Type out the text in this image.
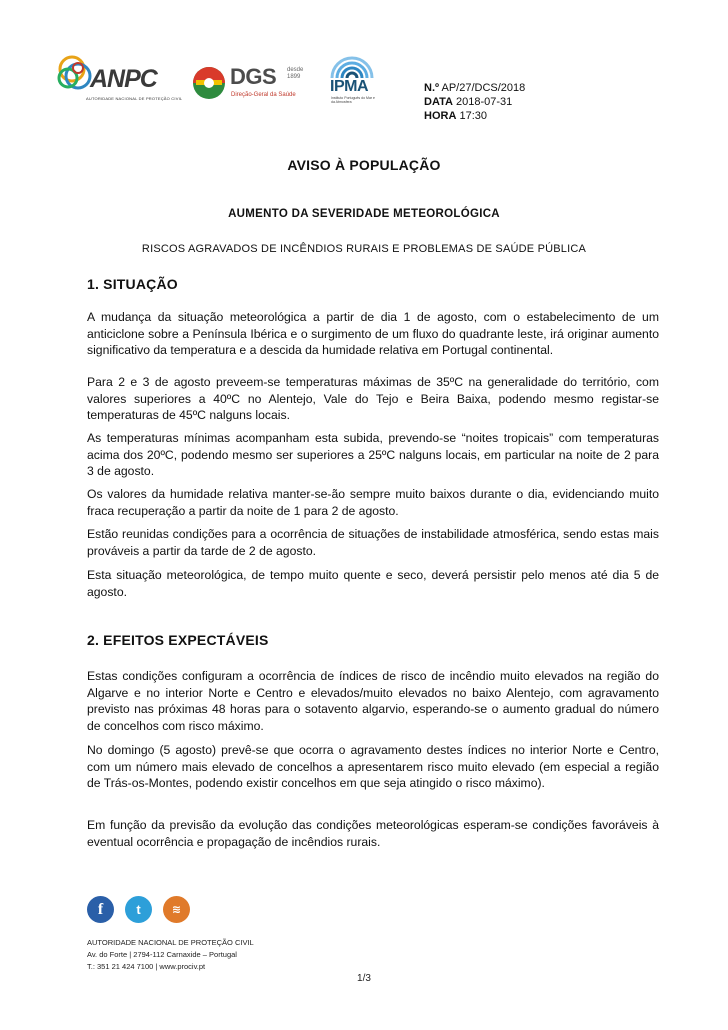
ANPC
AUTORIDADE NACIONAL DE PROTEÇÃO CIVIL
DGS desde
1899
Direção-Geral da Saúde IPMA
Instituto Português do Mar e da Atmosfera
N.º AP/27/DCS/2018
DATA 2018-07-31
HORA 17:30
AVISO À POPULAÇÃO
AUMENTO DA SEVERIDADE METEOROLÓGICA
RISCOS AGRAVADOS DE INCÊNDIOS RURAIS E PROBLEMAS DE SAÚDE PÚBLICA
1. SITUAÇÃO

A mudança da situação meteorológica a partir de dia 1 de agosto, com o estabelecimento de um anticiclone sobre a Península Ibérica e o surgimento de um fluxo do quadrante leste, irá originar aumento significativo da temperatura e a descida da humidade relativa em Portugal continental.

Para 2 e 3 de agosto preveem-se temperaturas máximas de 35ºC na generalidade do território, com valores superiores a 40ºC no Alentejo, Vale do Tejo e Beira Baixa, podendo mesmo registar-se temperaturas de 45ºC nalguns locais.

As temperaturas mínimas acompanham esta subida, prevendo-se “noites tropicais” com temperaturas acima dos 20ºC, podendo mesmo ser superiores a 25ºC nalguns locais, em particular na noite de 2 para 3 de agosto.

Os valores da humidade relativa manter-se-ão sempre muito baixos durante o dia, evidenciando muito fraca recuperação a partir da noite de 1 para 2 de agosto.

Estão reunidas condições para a ocorrência de situações de instabilidade atmosférica, sendo estas mais prováveis a partir da tarde de 2 de agosto.

Esta situação meteorológica, de tempo muito quente e seco, deverá persistir pelo menos até dia 5 de agosto.

2. EFEITOS EXPECTÁVEIS

Estas condições configuram a ocorrência de índices de risco de incêndio muito elevados na região do Algarve e no interior Norte e Centro e elevados/muito elevados no baixo Alentejo, com agravamento previsto nas próximas 48 horas para o sotavento algarvio, esperando-se o aumento gradual do número de concelhos com risco máximo.

No domingo (5 agosto) prevê-se que ocorra o agravamento destes índices no interior Norte e Centro, com um número mais elevado de concelhos a apresentarem risco muito elevado (em especial a região de Trás-os-Montes, podendo existir concelhos em que seja atingido o risco máximo).

Em função da previsão da evolução das condições meteorológicas esperam-se condições favoráveis à eventual ocorrência e propagação de incêndios rurais.

f	t	≋
AUTORIDADE NACIONAL DE PROTEÇÃO CIVIL
Av. do Forte | 2794-112 Carnaxide – Portugal
T.: 351 21 424 7100 | www.prociv.pt
1/3
